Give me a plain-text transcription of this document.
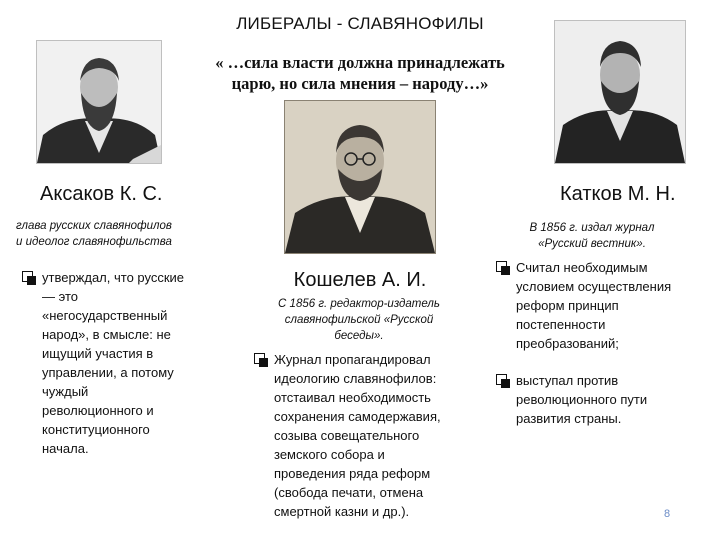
ЛИБЕРАЛЫ - СЛАВЯНОФИЛЫ
« …сила власти должна принадлежать
царю, но сила мнения – народу…»
Аксаков К. С.
глава русских славянофилов
и идеолог славянофильства
утверждал, что русские
— это
«негосударственный
народ», в смысле: не
ищущий участия в
управлении, а потому
чуждый
революционного и
конституционного
начала.
Кошелев А. И.
С 1856 г. редактор-издатель
славянофильской «Русской
беседы».
Журнал пропагандировал
идеологию славянофилов:
отстаивал необходимость
сохранения самодержавия,
созыва совещательного
земского собора и
проведения ряда реформ
(свобода печати, отмена
смертной казни и др.).
Катков М. Н.
В 1856 г. издал журнал
«Русский вестник».
Считал необходимым
условием осуществления
реформ принцип
постепенности
преобразований;
выступал против
революционного пути
развития страны.
8
